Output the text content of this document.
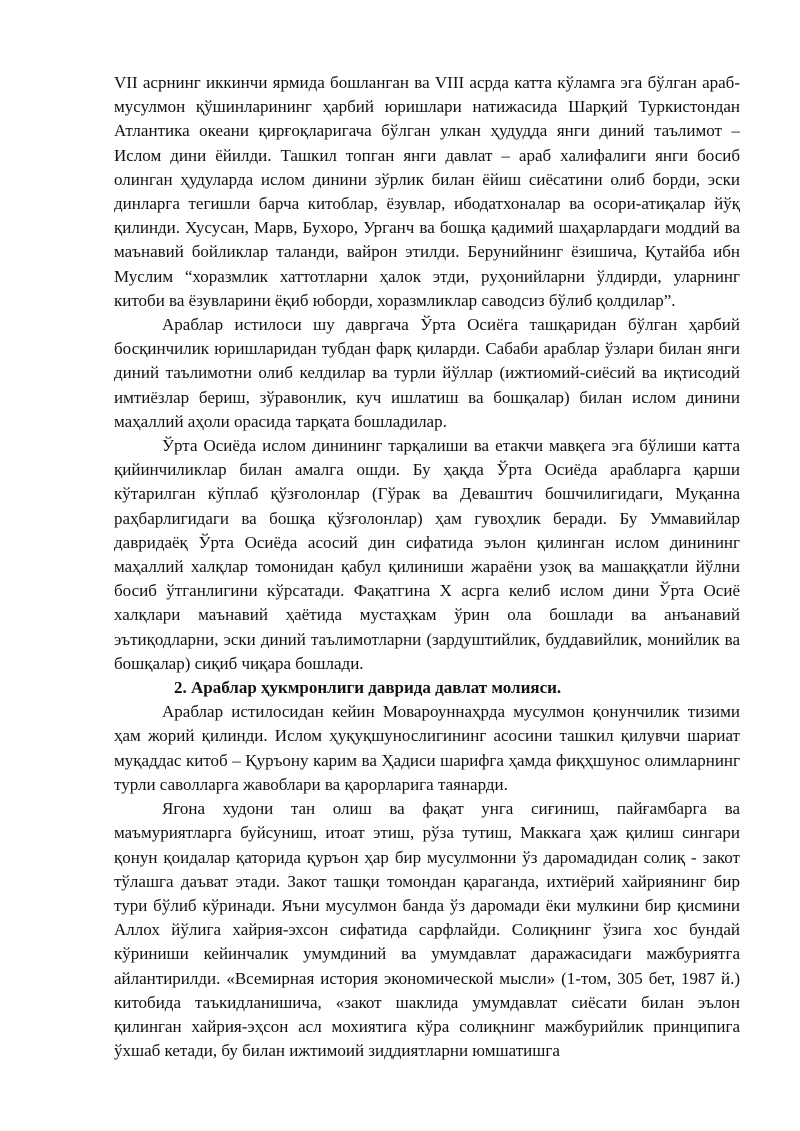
VII асрнинг иккинчи ярмида бошланган ва VIII асрда катта кўламга эга бўлган араб-мусулмон қўшинларининг ҳарбий юришлари натижасида Шарқий Туркистондан Атлантика океани қирғоқларигача бўлган улкан ҳудудда янги диний таълимот – Ислом дини ёйилди. Ташкил топган янги давлат – араб халифалиги янги босиб олинган ҳудуларда ислом динини зўрлик билан ёйиш сиёсатини олиб борди, эски динларга тегишли барча китоблар, ёзувлар, ибодатхоналар ва осори-атиқалар йўқ қилинди. Хусусан, Марв, Бухоро, Урганч ва бошқа қадимий шаҳарлардаги моддий ва маънавий бойликлар таланди, вайрон этилди. Берунийнинг ёзишича, Қутайба ибн Муслим “хоразмлик хаттотларни ҳалок этди, руҳонийларни ўлдирди, уларнинг китоби ва ёзувларини ёқиб юборди, хоразмликлар саводсиз бўлиб қолдилар”.

Араблар истилоси шу давргача Ўрта Осиёга ташқаридан бўлган ҳарбий босқинчилик юришларидан тубдан фарқ қиларди. Сабаби араблар ўзлари билан янги диний таълимотни олиб келдилар ва турли йўллар (ижтиомий-сиёсий ва иқтисодий имтиёзлар бериш, зўравонлик, куч ишлатиш ва бошқалар) билан ислом динини маҳаллий аҳоли орасида тарқата бошладилар.

Ўрта Осиёда ислом динининг тарқалиши ва етакчи мавқега эга бўлиши катта қийинчиликлар билан амалга ошди. Бу ҳақда Ўрта Осиёда арабларга қарши кўтарилган кўплаб қўзғолонлар (Гўрак ва Деваштич бошчилигидаги, Муқанна раҳбарлигидаги ва бошқа қўзғолонлар) ҳам гувоҳлик беради. Бу Уммавийлар давридаёқ Ўрта Осиёда асосий дин сифатида эълон қилинган ислом динининг маҳаллий халқлар томонидан қабул қилиниши жараёни узоқ ва машаққатли йўлни босиб ўтганлигини кўрсатади. Фақатгина X асрга келиб ислом дини Ўрта Осиё халқлари маънавий ҳаётида мустаҳкам ўрин ола бошлади ва анъанавий эътиқодларни, эски диний таълимотларни (зардуштийлик, буддавийлик, монийлик ва бошқалар) сиқиб чиқара бошлади.

2. Араблар ҳукмронлиги даврида давлат молияси.

Араблар истилосидан кейин Мовароуннаҳрда мусулмон қонунчилик тизими ҳам жорий қилинди. Ислом ҳуқуқшунослигининг асосини ташкил қилувчи шариат муқаддас китоб – Қуръону карим ва Ҳадиси шарифга ҳамда фиқҳшунос олимларнинг турли саволларга жавоблари ва қарорларига таянарди.

Ягона худони тан олиш ва фақат унга сиғиниш, пайғамбарга ва маъмуриятларга буйсуниш, итоат этиш, рўза тутиш, Маккага ҳаж қилиш сингари қонун қоидалар қаторида қуръон ҳар бир мусулмонни ўз даромадидан солиқ - закот тўлашга даъват этади. Закот ташқи томондан қараганда, ихтиёрий хайриянинг бир тури бўлиб кўринади. Яъни мусулмон банда ўз даромади ёки мулкини бир қисмини Аллох йўлига хайрия-эхсон сифатида сарфлайди. Солиқнинг ўзига хос бундай кўриниши кейинчалик умумдиний ва умумдавлат даражасидаги мажбуриятга айлантирилди. «Всемирная история экономической мысли» (1-том, 305 бет, 1987 й.) китобида таъкидланишича, «закот шаклида умумдавлат сиёсати билан эълон қилинган хайрия-эҳсон асл мохиятига кўра солиқнинг мажбурийлик принципига ўхшаб кетади, бу билан ижтимоий зиддиятларни юмшатишга
